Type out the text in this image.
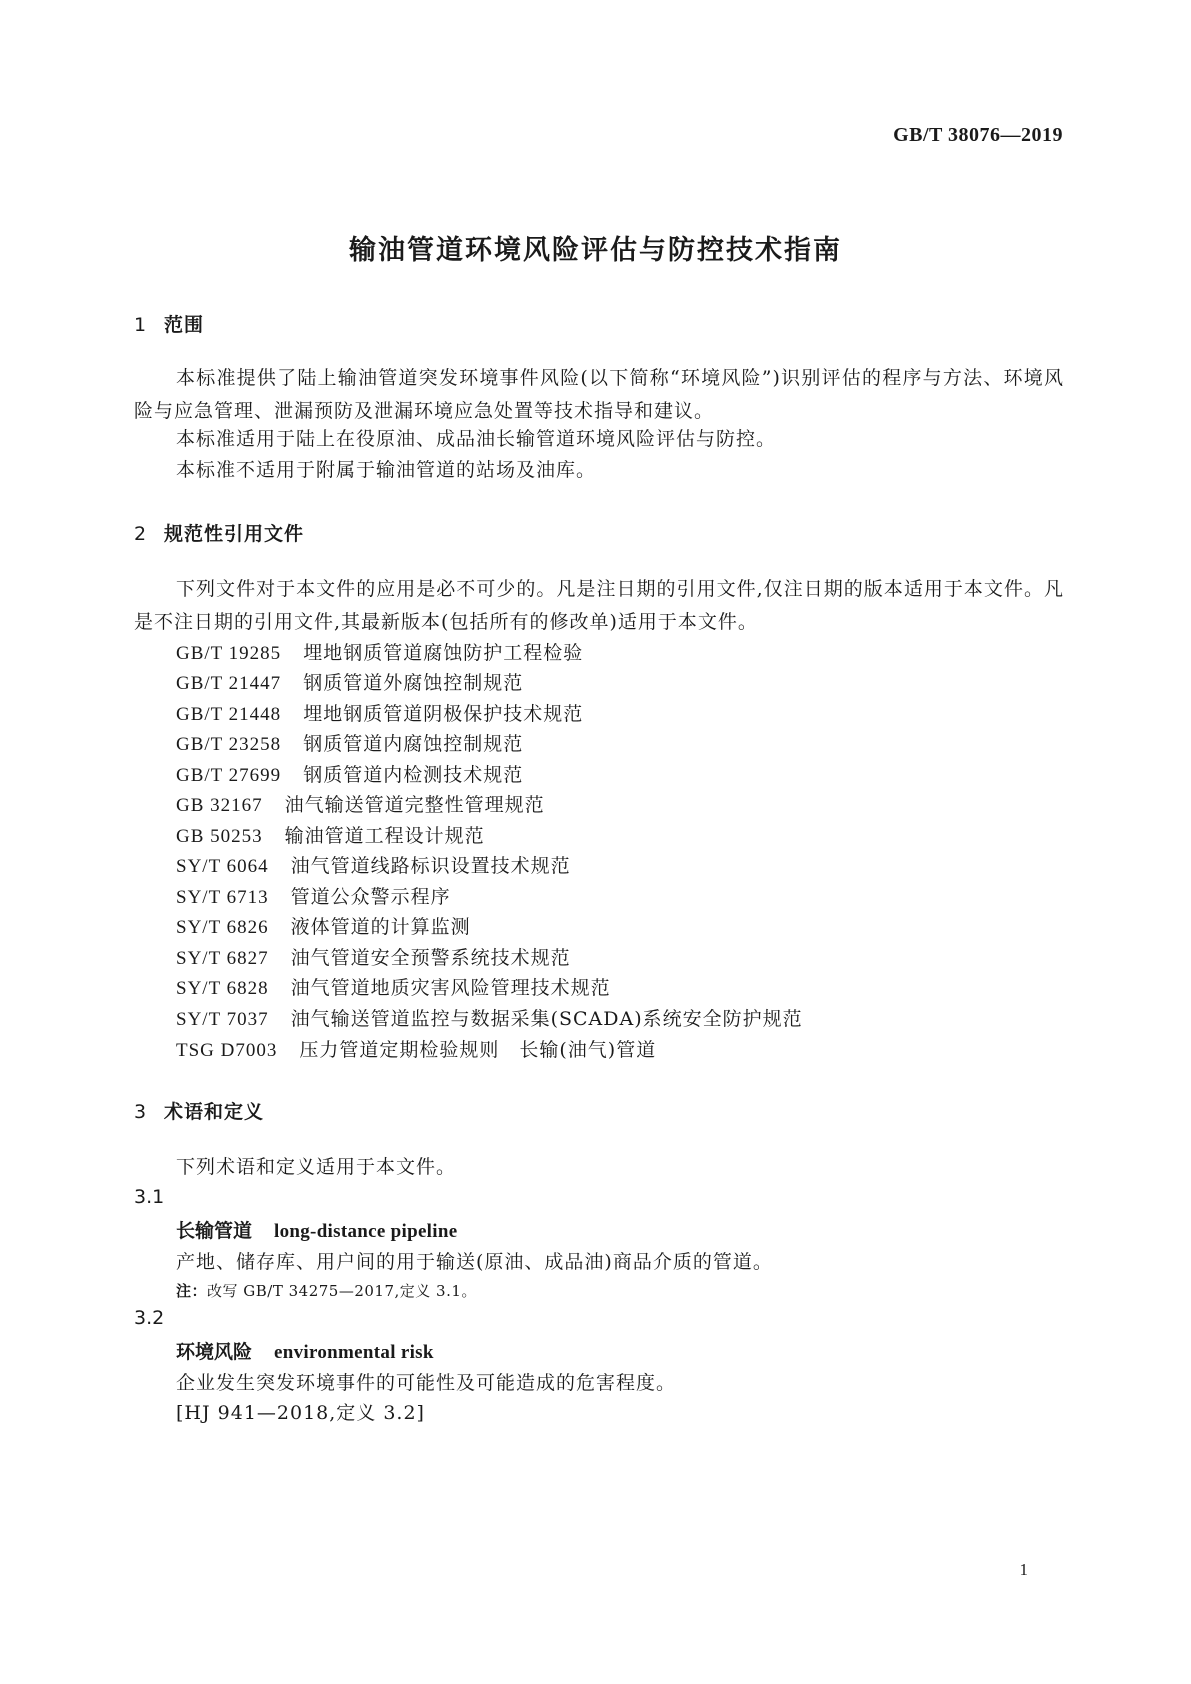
GB/T 38076—2019
输油管道环境风险评估与防控技术指南
1 范围
本标准提供了陆上输油管道突发环境事件风险(以下简称“环境风险”)识别评估的程序与方法、环境风险与应急管理、泄漏预防及泄漏环境应急处置等技术指导和建议。
本标准适用于陆上在役原油、成品油长输管道环境风险评估与防控。
本标准不适用于附属于输油管道的站场及油库。
2 规范性引用文件
下列文件对于本文件的应用是必不可少的。凡是注日期的引用文件,仅注日期的版本适用于本文件。凡是不注日期的引用文件,其最新版本(包括所有的修改单)适用于本文件。
GB/T 19285 埋地钢质管道腐蚀防护工程检验
GB/T 21447 钢质管道外腐蚀控制规范
GB/T 21448 埋地钢质管道阴极保护技术规范
GB/T 23258 钢质管道内腐蚀控制规范
GB/T 27699 钢质管道内检测技术规范
GB 32167 油气输送管道完整性管理规范
GB 50253 输油管道工程设计规范
SY/T 6064 油气管道线路标识设置技术规范
SY/T 6713 管道公众警示程序
SY/T 6826 液体管道的计算监测
SY/T 6827 油气管道安全预警系统技术规范
SY/T 6828 油气管道地质灾害风险管理技术规范
SY/T 7037 油气输送管道监控与数据采集(SCADA)系统安全防护规范
TSG D7003 压力管道定期检验规则　长输(油气)管道
3 术语和定义
下列术语和定义适用于本文件。
3.1
长输管道 long-distance pipeline
产地、储存库、用户间的用于输送(原油、成品油)商品介质的管道。
注：改写 GB/T 34275—2017,定义 3.1。
3.2
环境风险 environmental risk
企业发生突发环境事件的可能性及可能造成的危害程度。
[HJ 941—2018,定义 3.2]
1
